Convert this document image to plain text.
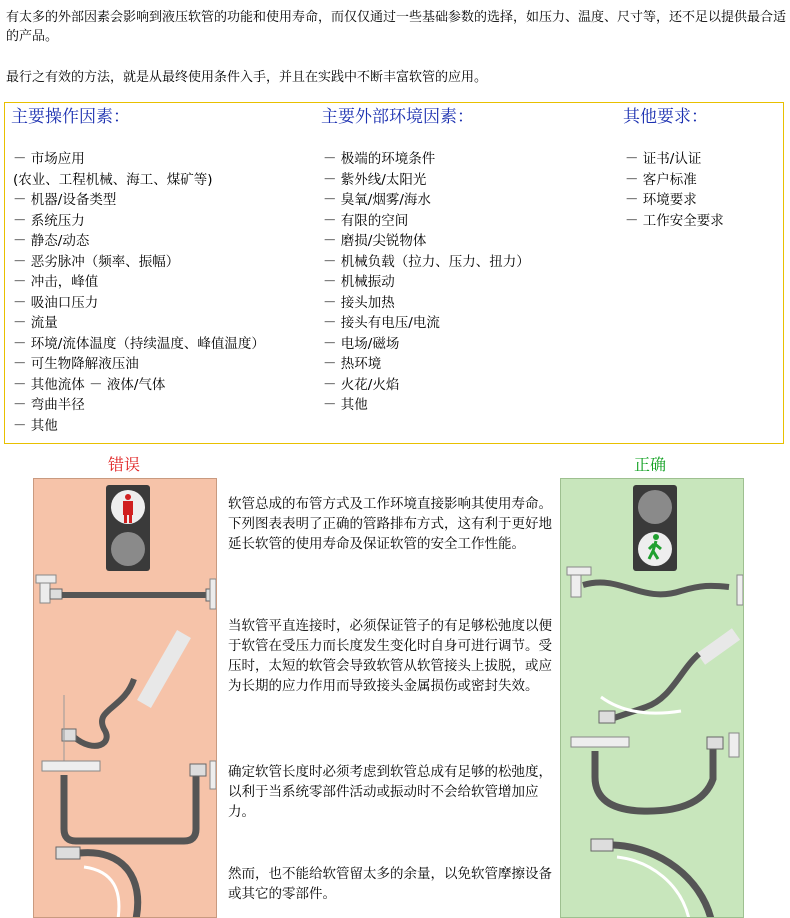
有太多的外部因素会影响到液压软管的功能和使用寿命，而仅仅通过一些基础参数的选择，如压力、温度、尺寸等，还不足以提供最合适的产品。
最行之有效的方法，就是从最终使用条件入手，并且在实践中不断丰富软管的应用。
主要操作因素：
－ 市场应用
(农业、工程机械、海工、煤矿等)
－ 机器/设备类型
－ 系统压力
－ 静态/动态
－ 恶劣脉冲（频率、振幅）
－ 冲击，峰值
－ 吸油口压力
－ 流量
－ 环境/流体温度（持续温度、峰值温度）
－ 可生物降解液压油
－ 其他流体 － 液体/气体
－ 弯曲半径
－ 其他
主要外部环境因素：
－ 极端的环境条件
－ 紫外线/太阳光
－ 臭氧/烟雾/海水
－ 有限的空间
－ 磨损/尖锐物体
－ 机械负载（拉力、压力、扭力）
－ 机械振动
－ 接头加热
－ 接头有电压/电流
－ 电场/磁场
－ 热环境
－ 火花/火焰
－ 其他
其他要求：
－ 证书/认证
－ 客户标准
－ 环境要求
－ 工作安全要求
错误	正确
软管总成的布管方式及工作环境直接影响其使用寿命。下列图表表明了正确的管路排布方式，这有利于更好地延长软管的使用寿命及保证软管的安全工作性能。
当软管平直连接时，必须保证管子的有足够松弛度以便于软管在受压力而长度发生变化时自身可进行调节。受压时，太短的软管会导致软管从软管接头上拔脱，或应为长期的应力作用而导致接头金属损伤或密封失效。
确定软管长度时必须考虑到软管总成有足够的松弛度，以利于当系统零部件活动或振动时不会给软管增加应力。
然而，也不能给软管留太多的余量，以免软管摩擦设备或其它的零部件。
